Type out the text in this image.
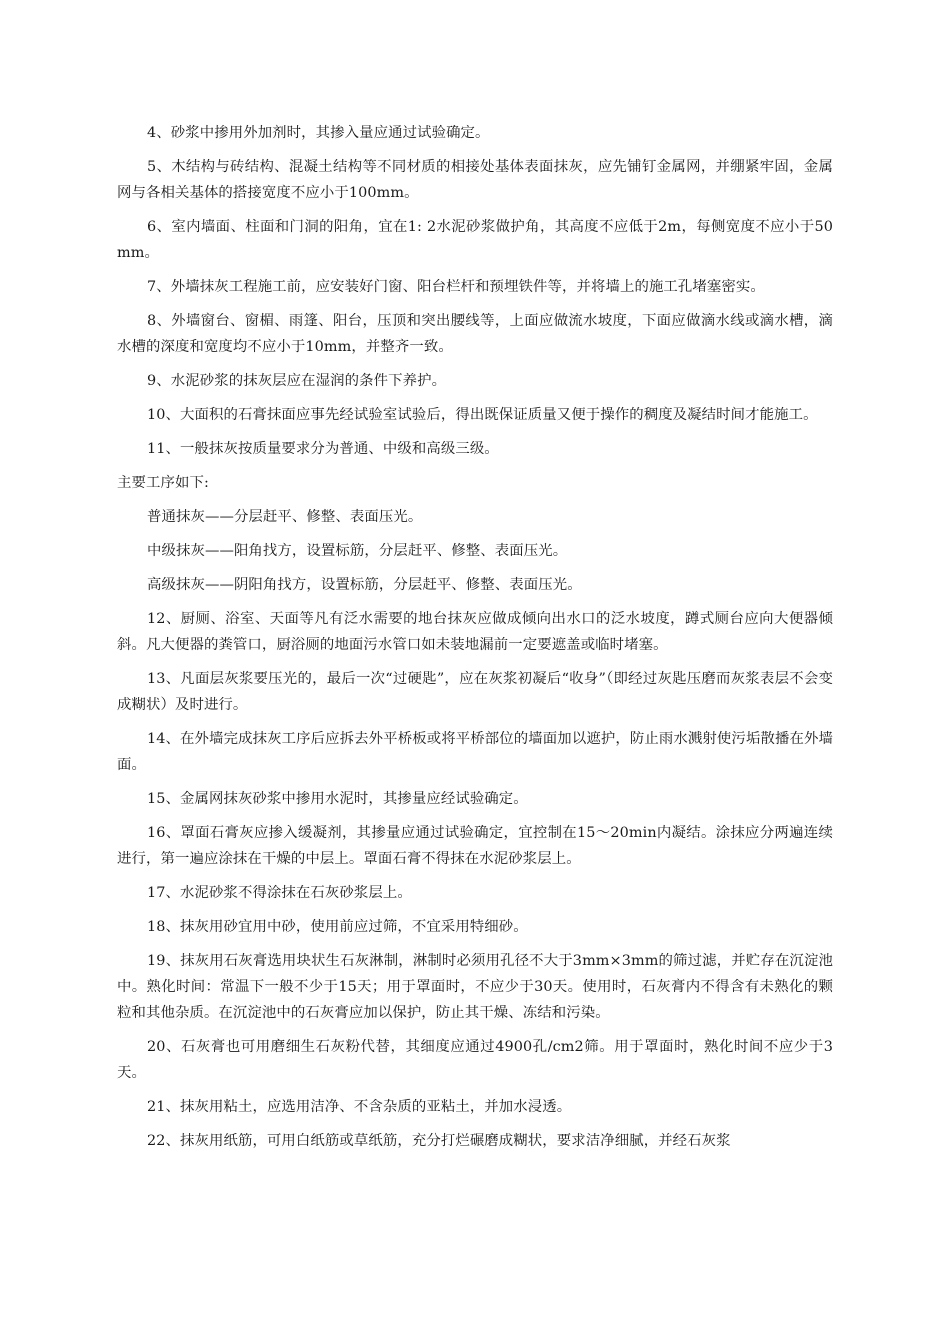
4、砂浆中掺用外加剂时，其掺入量应通过试验确定。

5、木结构与砖结构、混凝土结构等不同材质的相接处基体表面抹灰，应先铺钉金属网，并绷紧牢固，金属网与各相关基体的搭接宽度不应小于100mm。

6、室内墙面、柱面和门洞的阳角，宜在1: 2水泥砂浆做护角，其高度不应低于2m，每侧宽度不应小于50mm。

7、外墙抹灰工程施工前，应安装好门窗、阳台栏杆和预埋铁件等，并将墙上的施工孔堵塞密实。

8、外墙窗台、窗楣、雨篷、阳台，压顶和突出腰线等，上面应做流水坡度，下面应做滴水线或滴水槽，滴水槽的深度和宽度均不应小于10mm，并整齐一致。

9、水泥砂浆的抹灰层应在湿润的条件下养护。

10、大面积的石膏抹面应事先经试验室试验后，得出既保证质量又便于操作的稠度及凝结时间才能施工。

11、一般抹灰按质量要求分为普通、中级和高级三级。

主要工序如下:

普通抹灰——分层赶平、修整、表面压光。

中级抹灰——阳角找方，设置标筋，分层赶平、修整、表面压光。

高级抹灰——阴阳角找方，设置标筋，分层赶平、修整、表面压光。

12、厨厕、浴室、天面等凡有泛水需要的地台抹灰应做成倾向出水口的泛水坡度，蹲式厕台应向大便器倾斜。凡大便器的粪管口，厨浴厕的地面污水管口如未装地漏前一定要遮盖或临时堵塞。

13、凡面层灰浆要压光的，最后一次“过硬匙”，应在灰浆初凝后“收身”（即经过灰匙压磨而灰浆表层不会变成糊状）及时进行。

14、在外墙完成抹灰工序后应拆去外平桥板或将平桥部位的墙面加以遮护，防止雨水溅射使污垢散播在外墙面。

15、金属网抹灰砂浆中掺用水泥时，其掺量应经试验确定。

16、罩面石膏灰应掺入缓凝剂，其掺量应通过试验确定，宜控制在15～20min内凝结。涂抹应分两遍连续进行，第一遍应涂抹在干燥的中层上。罩面石膏不得抹在水泥砂浆层上。

17、水泥砂浆不得涂抹在石灰砂浆层上。

18、抹灰用砂宜用中砂，使用前应过筛，不宜采用特细砂。

19、抹灰用石灰膏选用块状生石灰淋制，淋制时必须用孔径不大于3mm×3mm的筛过滤，并贮存在沉淀池中。熟化时间：常温下一般不少于15天；用于罩面时，不应少于30天。使用时，石灰膏内不得含有未熟化的颗粒和其他杂质。在沉淀池中的石灰膏应加以保护，防止其干燥、冻结和污染。

20、石灰膏也可用磨细生石灰粉代替，其细度应通过4900孔/cm2筛。用于罩面时，熟化时间不应少于3天。

21、抹灰用粘土，应选用洁净、不含杂质的亚粘土，并加水浸透。

22、抹灰用纸筋，可用白纸筋或草纸筋，充分打烂碾磨成糊状，要求洁净细腻，并经石灰浆
